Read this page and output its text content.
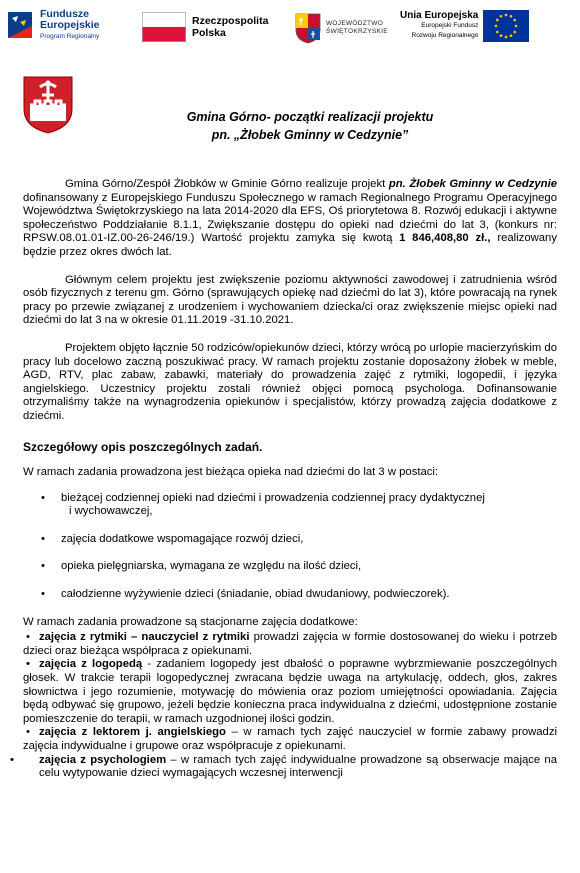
Fundusze
Europejskie
Program Regionalny
Rzeczpospolita
Polska
WOJEWÓDZTWO
ŚWIĘTOKRZYSKIE
Unia Europejska
Europejski Fundusz
Rozwoju Regionalnego
Gmina Górno- początki realizacji projektu
pn. „Żłobek Gminny w Cedzynie”

Gmina Górno/Zespół Żłobków w Gminie Górno realizuje projekt pn. Żłobek Gminny w Cedzynie dofinansowany z Europejskiego Funduszu Społecznego w ramach Regionalnego Programu Operacyjnego Województwa Świętokrzyskiego na lata 2014-2020 dla EFS, Oś priorytetowa 8. Rozwój edukacji i aktywne społeczeństwo Poddziałanie 8.1.1, Zwiększanie dostępu do opieki nad dziećmi do lat 3, (konkurs nr: RPSW.08.01.01-IZ.00-26-246/19.) Wartość projektu zamyka się kwotą 1 846,408,80 zł., realizowany będzie przez okres dwóch lat.

Głównym celem projektu jest zwiększenie poziomu aktywności zawodowej i zatrudnienia wśród osób fizycznych z terenu gm. Górno (sprawujących opiekę nad dziećmi do lat 3), które powracają na rynek pracy po przewie związanej z urodzeniem i wychowaniem dziecka/ci oraz zwiększenie miejsc opieki nad dziećmi do lat 3 na w okresie 01.11.2019 -31.10.2021.

Projektem objęto łącznie 50 rodziców/opiekunów dzieci, którzy wrócą po urlopie macierzyńskim do pracy lub docelowo zaczną poszukiwać pracy. W ramach projektu zostanie doposażony żłobek w meble, AGD, RTV, plac zabaw, zabawki, materiały do prowadzenia zajęć z rytmiki, logopedii, i języka angielskiego. Uczestnicy projektu zostali również objęci pomocą psychologa. Dofinansowanie otrzymaliśmy także na wynagrodzenia opiekunów i specjalistów, którzy prowadzą zajęcia dodatkowe z dziećmi.

Szczegółowy opis poszczególnych zadań.

W ramach zadania prowadzona jest bieżąca opieka nad dziećmi do lat 3 w postaci:

• bieżącej codziennej opieki nad dziećmi i prowadzenia codziennej pracy dydaktycznej
i wychowawczej,
• zajęcia dodatkowe wspomagające rozwój dzieci,
• opieka pielęgniarska, wymagana ze względu na ilość dzieci,
• całodzienne wyżywienie dzieci (śniadanie, obiad dwudaniowy, podwieczorek).

W ramach zadania prowadzone są stacjonarne zajęcia dodatkowe:

• zajęcia z rytmiki – nauczyciel z rytmiki prowadzi zajęcia w formie dostosowanej do wieku i potrzeb dzieci oraz bieżąca współpraca z opiekunami.
• zajęcia z logopedą - zadaniem logopedy jest dbałość o poprawne wybrzmiewanie poszczególnych głosek. W trakcie terapii logopedycznej zwracana będzie uwaga na artykulację, oddech, głos, zakres słownictwa i jego rozumienie, motywację do mówienia oraz poziom umiejętności opowiadania. Zajęcia będą odbywać się grupowo, jeżeli będzie konieczna praca indywidualna z dziećmi, udostępnione zostanie pomieszczenie do terapii, w ramach uzgodnionej ilości godzin.
• zajęcia z lektorem j. angielskiego – w ramach tych zajęć nauczyciel w formie zabawy prowadzi zajęcia indywidualne i grupowe oraz współpracuje z opiekunami.
• zajęcia z psychologiem – w ramach tych zajęć indywidualne prowadzone są obserwacje mające na celu wytypowanie dzieci wymagających wczesnej interwencji
